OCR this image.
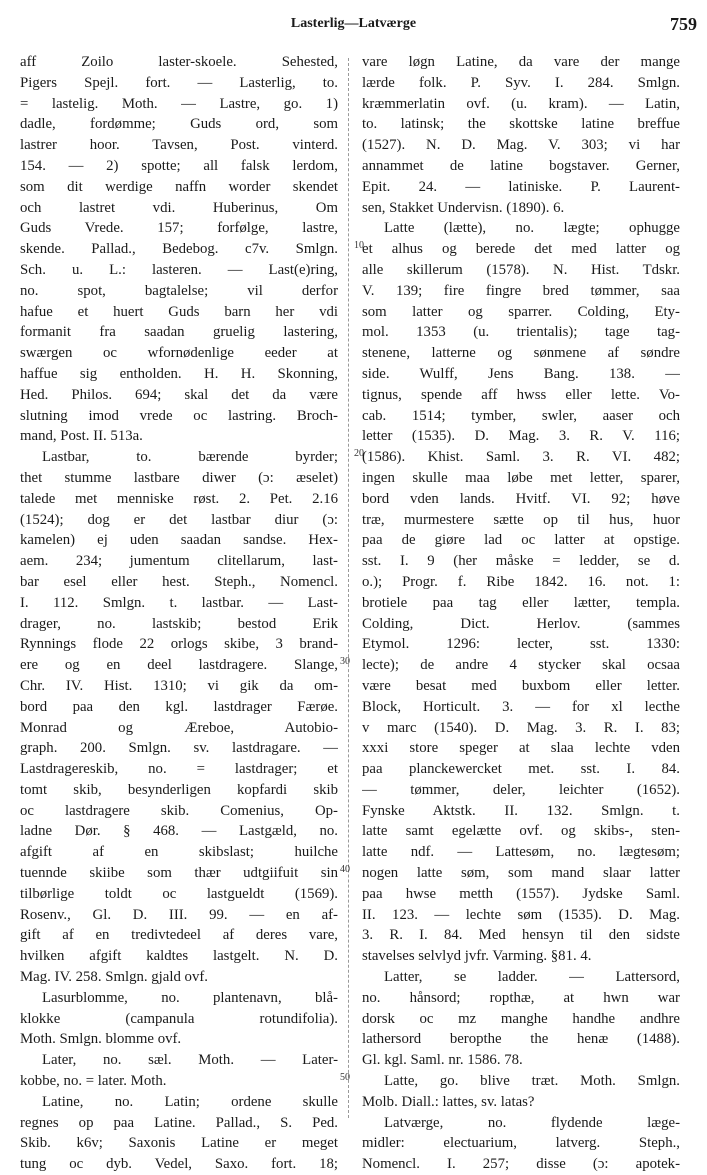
Lasterlig—Latværge	759
10
20
30
40
50
aff Zoilo laster-skoele. Sehested,
Pigers Spejl. fort. — Lasterlig, to.
= lastelig. Moth. — Lastre, go. 1)
dadle, fordømme; Guds ord, som
lastrer hoor. Tavsen, Post. vinterd.
154. — 2) spotte; all falsk lerdom,
som dit werdige naffn worder skendet
och lastret vdi. Huberinus, Om
Guds Vrede. 157; forfølge, lastre,
skende. Pallad., Bedebog. c7v. Smlgn.
Sch. u. L.: lasteren. — Last(e)ring,
no. spot, bagtalelse; vil derfor
hafue et huert Guds barn her vdi
formanit fra saadan gruelig lastering,
swærgen oc wfornødenlige eeder at
haffue sig entholden. H. H. Skonning,
Hed. Philos. 694; skal det da være
slutning imod vrede oc lastring. Broch-
mand, Post. II. 513a.
Lastbar, to. bærende byrder;
thet stumme lastbare diwer (ɔ: æselet)
talede met menniske røst. 2. Pet. 2.16
(1524); dog er det lastbar diur (ɔ:
kamelen) ej uden saadan sandse. Hex-
aem. 234; jumentum clitellarum, last-
bar esel eller hest. Steph., Nomencl.
I. 112. Smlgn. t. lastbar. — Last-
drager, no. lastskib; bestod Erik
Rynnings flode 22 orlogs skibe, 3 brand-
ere og en deel lastdragere. Slange,
Chr. IV. Hist. 1310; vi gik da om-
bord paa den kgl. lastdrager Færøe.
Monrad og Æreboe, Autobio-
graph. 200. Smlgn. sv. lastdragare. —
Lastdragereskib, no. = lastdrager; et
tomt skib, besynderligen kopfardi skib
oc lastdragere skib. Comenius, Op-
ladne Dør. § 468. — Lastgæld, no.
afgift af en skibslast; huilche
tuennde skiibe som thær udtgiifuit sin
tilbørlige toldt oc lastgueldt (1569).
Rosenv., Gl. D. III. 99. — en af-
gift af en tredivtedeel af deres vare,
hvilken afgift kaldtes lastgelt. N. D.
Mag. IV. 258. Smlgn. gjald ovf.
Lasurblomme, no. plantenavn, blå-
klokke (campanula rotundifolia).
Moth. Smlgn. blomme ovf.
Later, no. sæl. Moth. — Later-
kobbe, no. = later. Moth.
Latine, no. Latin; ordene skulle
regnes op paa Latine. Pallad., S. Ped.
Skib. k6v; Saxonis Latine er meget
tung oc dyb. Vedel, Saxo. fort. 18;
vare løgn Latine, da vare der mange
lærde folk. P. Syv. I. 284. Smlgn.
kræmmerlatin ovf. (u. kram). — Latin,
to. latinsk; the skottske latine breffue
(1527). N. D. Mag. V. 303; vi har
annammet de latine bogstaver. Gerner,
Epit. 24. — latiniske. P. Laurent-
sen, Stakket Undervisn. (1890). 6.
Latte (lætte), no. lægte; ophugge
et alhus og berede det med latter og
alle skillerum (1578). N. Hist. Tdskr.
V. 139; fire fingre bred tømmer, saa
som latter og sparrer. Colding, Ety-
mol. 1353 (u. trientalis); tage tag-
stenene, latterne og sønmene af søndre
side. Wulff, Jens Bang. 138. —
tignus, spende aff hwss eller lette. Vo-
cab. 1514; tymber, swler, aaser och
letter (1535). D. Mag. 3. R. V. 116;
(1586). Khist. Saml. 3. R. VI. 482;
ingen skulle maa løbe met letter, sparer,
bord vden lands. Hvitf. VI. 92; høve
træ, murmestere sætte op til hus, huor
paa de giøre lad oc latter at opstige.
sst. I. 9 (her måske = ledder, se d.
o.); Progr. f. Ribe 1842. 16. not. 1:
brotiele paa tag eller lætter, templa.
Colding, Dict. Herlov. (sammes
Etymol. 1296: lecter, sst. 1330:
lecte); de andre 4 stycker skal ocsaa
være besat med buxbom eller letter.
Block, Horticult. 3. — for xl lecthe
v marc (1540). D. Mag. 3. R. I. 83;
xxxi store speger at slaa lechte vden
paa planckewercket met. sst. I. 84.
— tømmer, deler, leichter (1652).
Fynske Aktstk. II. 132. Smlgn. t.
latte samt egelætte ovf. og skibs-, sten-
latte ndf. — Lattesøm, no. lægtesøm;
nogen latte søm, som mand slaar latter
paa hwse metth (1557). Jydske Saml.
II. 123. — lechte søm (1535). D. Mag.
3. R. I. 84. Med hensyn til den sidste
stavelses selvlyd jvfr. Varming. §81. 4.
Latter, se ladder. — Lattersord,
no. hånsord; ropthæ, at hwn war
dorsk oc mz manghe handhe andhre
lathersord beropthe the henæ (1488).
Gl. kgl. Saml. nr. 1586. 78.
Latte, go. blive træt. Moth. Smlgn.
Molb. Diall.: lattes, sv. latas?
Latværge, no. flydende læge-
midler: electuarium, latverg. Steph.,
Nomencl. I. 257; disse (ɔ: apotek-
